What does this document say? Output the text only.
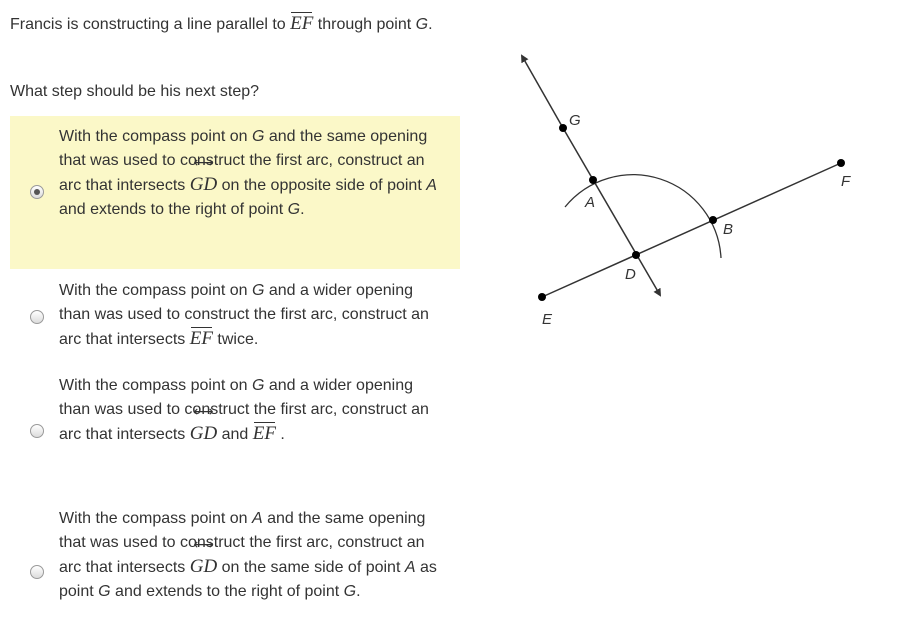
Francis is constructing a line parallel to EF through point G.
What step should be his next step?
With the compass point on G and the same opening that was used to construct the first arc, construct an arc that intersects ⟷ GD on the opposite side of point A and extends to the right of point G.
With the compass point on G and a wider opening than was used to construct the first arc, construct an arc that intersects EF twice.
With the compass point on G and a wider opening than was used to construct the first arc, construct an arc that intersects ⟷ GD and EF .
With the compass point on A and the same opening that was used to construct the first arc, construct an arc that intersects ⟷ GD on the same side of point A as point G and extends to the right of point G.
G
A
F
B
D
E
